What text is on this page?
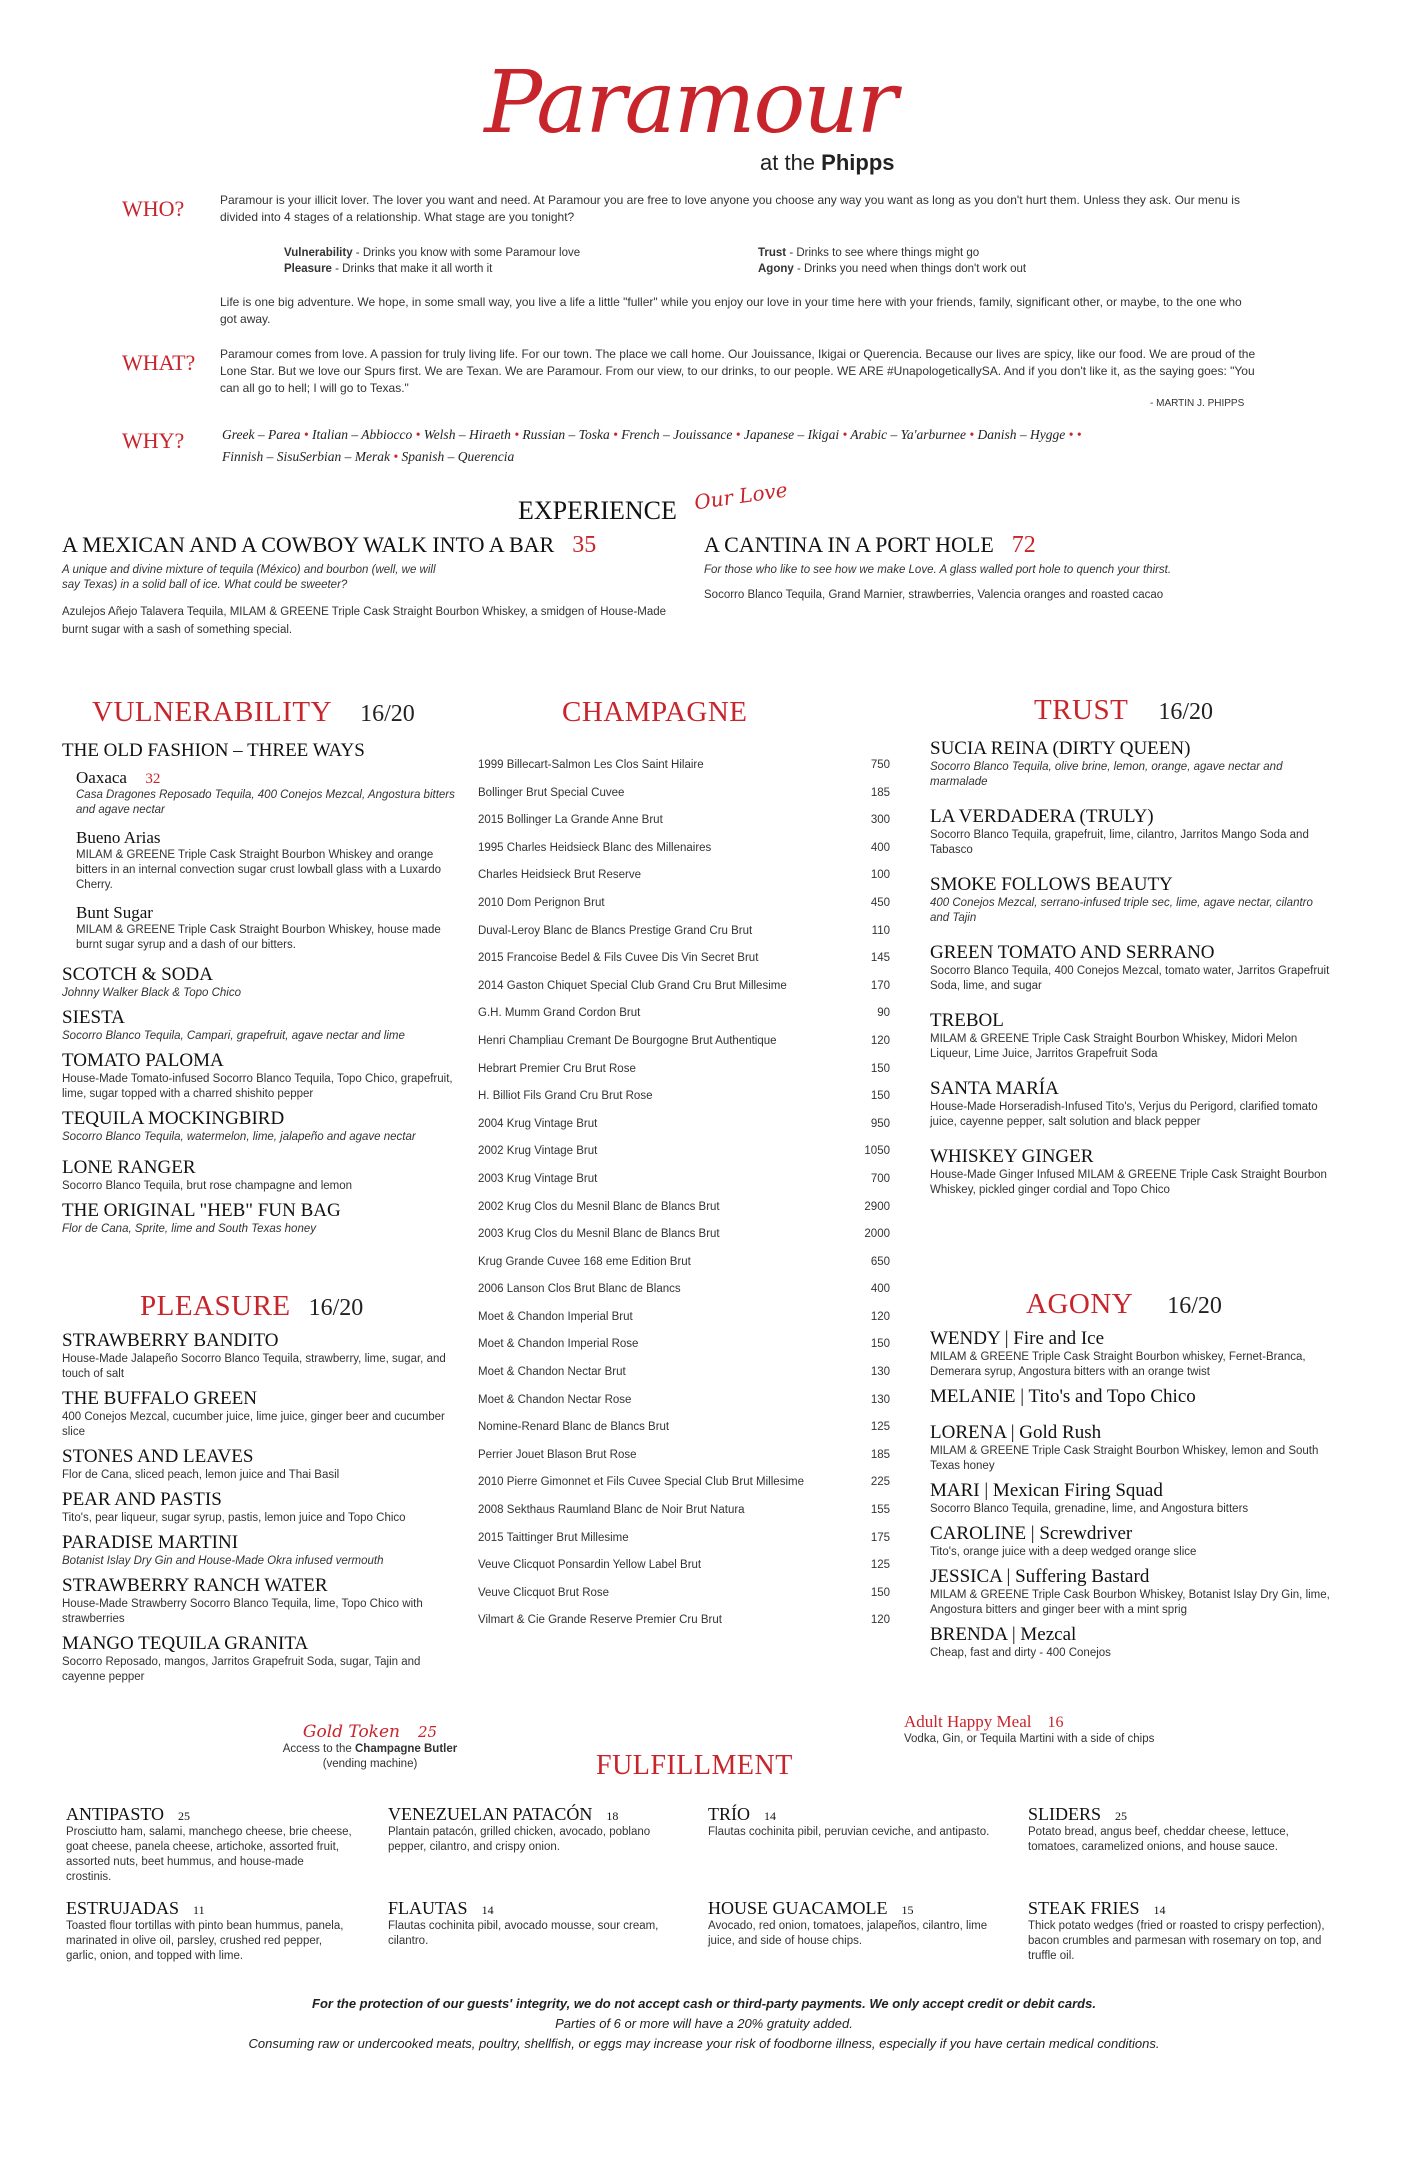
Paramour
at the Phipps
WHO?	Paramour is your illicit lover. The lover you want and need. At Paramour you are free to love anyone you choose any way you want as long as you don't hurt them. Unless they ask. Our menu is divided into 4 stages of a relationship. What stage are you tonight?
Vulnerability - Drinks you know with some Paramour love
Pleasure - Drinks that make it all worth it
Trust - Drinks to see where things might go
Agony - Drinks you need when things don't work out
Life is one big adventure. We hope, in some small way, you live a life a little "fuller" while you enjoy our love in your time here with your friends, family, significant other, or maybe, to the one who got away.
WHAT? Paramour comes from love. A passion for truly living life. For our town. The place we call home. Our Jouissance, Ikigai or Querencia. Because our lives are spicy, like our food. We are proud of the Lone Star. But we love our Spurs first. We are Texan. We are Paramour. From our view, to our drinks, to our people. WE ARE #UnapologeticallySA. And if you don't like it, as the saying goes: "You can all go to hell; I will go to Texas."
- MARTIN J. PHIPPS
WHY?	Greek – Parea • Italian – Abbiocco • Welsh – Hiraeth • Russian – Toska • French – Jouissance • Japanese – Ikigai • Arabic – Ya'arburnee • Danish – Hygge • •
Finnish – SisuSerbian – Merak • Spanish – Querencia
EXPERIENCE Our Love
A MEXICAN AND A COWBOY WALK INTO A BAR 35
A unique and divine mixture of tequila (México) and bourbon (well, we will say Texas) in a solid ball of ice. What could be sweeter?
Azulejos Añejo Talavera Tequila, MILAM & GREENE Triple Cask Straight Bourbon Whiskey, a smidgen of House-Made burnt sugar with a sash of something special.
A CANTINA IN A PORT HOLE 72
For those who like to see how we make Love. A glass walled port hole to quench your thirst.
Socorro Blanco Tequila, Grand Marnier, strawberries, Valencia oranges and roasted cacao
VULNERABILITY 16/20
THE OLD FASHION – THREE WAYS
Oaxaca 32
Casa Dragones Reposado Tequila, 400 Conejos Mezcal, Angostura bitters and agave nectar
Bueno Arias
MILAM & GREENE Triple Cask Straight Bourbon Whiskey and orange bitters in an internal convection sugar crust lowball glass with a Luxardo Cherry.
Bunt Sugar
MILAM & GREENE Triple Cask Straight Bourbon Whiskey, house made burnt sugar syrup and a dash of our bitters.
SCOTCH & SODA
Johnny Walker Black & Topo Chico
SIESTA
Socorro Blanco Tequila, Campari, grapefruit, agave nectar and lime
TOMATO PALOMA
House-Made Tomato-infused Socorro Blanco Tequila, Topo Chico, grapefruit, lime, sugar topped with a charred shishito pepper
TEQUILA MOCKINGBIRD
Socorro Blanco Tequila, watermelon, lime, jalapeño and agave nectar
LONE RANGER
Socorro Blanco Tequila, brut rose champagne and lemon
THE ORIGINAL "HEB" FUN BAG
Flor de Cana, Sprite, lime and South Texas honey
PLEASURE 16/20
STRAWBERRY BANDITO
House-Made Jalapeño Socorro Blanco Tequila, strawberry, lime, sugar, and touch of salt
THE BUFFALO GREEN
400 Conejos Mezcal, cucumber juice, lime juice, ginger beer and cucumber slice
STONES AND LEAVES
Flor de Cana, sliced peach, lemon juice and Thai Basil
PEAR AND PASTIS
Tito's, pear liqueur, sugar syrup, pastis, lemon juice and Topo Chico
PARADISE MARTINI
Botanist Islay Dry Gin and House-Made Okra infused vermouth
STRAWBERRY RANCH WATER
House-Made Strawberry Socorro Blanco Tequila, lime, Topo Chico with strawberries
MANGO TEQUILA GRANITA
Socorro Reposado, mangos, Jarritos Grapefruit Soda, sugar, Tajin and cayenne pepper
CHAMPAGNE
1999 Billecart-Salmon Les Clos Saint Hilaire	750
Bollinger Brut Special Cuvee	185
2015 Bollinger La Grande Anne Brut	300
1995 Charles Heidsieck Blanc des Millenaires	400
Charles Heidsieck Brut Reserve	100
2010 Dom Perignon Brut	450
Duval-Leroy Blanc de Blancs Prestige Grand Cru Brut	110
2015 Francoise Bedel & Fils Cuvee Dis Vin Secret Brut	145
2014 Gaston Chiquet Special Club Grand Cru Brut Millesime	170
G.H. Mumm Grand Cordon Brut	90
Henri Champliau Cremant De Bourgogne Brut Authentique	120
Hebrart Premier Cru Brut Rose	150
H. Billiot Fils Grand Cru Brut Rose	150
2004 Krug Vintage Brut	950
2002 Krug Vintage Brut	1050
2003 Krug Vintage Brut	700
2002 Krug Clos du Mesnil Blanc de Blancs Brut	2900
2003 Krug Clos du Mesnil Blanc de Blancs Brut	2000
Krug Grande Cuvee 168 eme Edition Brut	650
2006 Lanson Clos Brut Blanc de Blancs	400
Moet & Chandon Imperial Brut	120
Moet & Chandon Imperial Rose	150
Moet & Chandon Nectar Brut	130
Moet & Chandon Nectar Rose	130
Nomine-Renard Blanc de Blancs Brut	125
Perrier Jouet Blason Brut Rose	185
2010 Pierre Gimonnet et Fils Cuvee Special Club Brut Millesime	225
2008 Sekthaus Raumland Blanc de Noir Brut Natura	155
2015 Taittinger Brut Millesime	175
Veuve Clicquot Ponsardin Yellow Label Brut	125
Veuve Clicquot Brut Rose	150
Vilmart & Cie Grande Reserve Premier Cru Brut	120
TRUST 16/20
SUCIA REINA (DIRTY QUEEN)
Socorro Blanco Tequila, olive brine, lemon, orange, agave nectar and marmalade
LA VERDADERA (TRULY)
Socorro Blanco Tequila, grapefruit, lime, cilantro, Jarritos Mango Soda and Tabasco
SMOKE FOLLOWS BEAUTY
400 Conejos Mezcal, serrano-infused triple sec, lime, agave nectar, cilantro and Tajin
GREEN TOMATO AND SERRANO
Socorro Blanco Tequila, 400 Conejos Mezcal, tomato water, Jarritos Grapefruit Soda, lime, and sugar
TREBOL
MILAM & GREENE Triple Cask Straight Bourbon Whiskey, Midori Melon Liqueur, Lime Juice, Jarritos Grapefruit Soda
SANTA MARÍA
House-Made Horseradish-Infused Tito's, Verjus du Perigord, clarified tomato juice, cayenne pepper, salt solution and black pepper
WHISKEY GINGER
House-Made Ginger Infused MILAM & GREENE Triple Cask Straight Bourbon Whiskey, pickled ginger cordial and Topo Chico
AGONY 16/20
WENDY | Fire and Ice
MILAM & GREENE Triple Cask Straight Bourbon whiskey, Fernet-Branca, Demerara syrup, Angostura bitters with an orange twist
MELANIE | Tito's and Topo Chico
LORENA | Gold Rush
MILAM & GREENE Triple Cask Straight Bourbon Whiskey, lemon and South Texas honey
MARI | Mexican Firing Squad
Socorro Blanco Tequila, grenadine, lime, and Angostura bitters
CAROLINE | Screwdriver
Tito's, orange juice with a deep wedged orange slice
JESSICA | Suffering Bastard
MILAM & GREENE Triple Cask Bourbon Whiskey, Botanist Islay Dry Gin, lime, Angostura bitters and ginger beer with a mint sprig
BRENDA | Mezcal
Cheap, fast and dirty - 400 Conejos
Gold Token 25
Access to the Champagne Butler
(vending machine)
Adult Happy Meal 16
Vodka, Gin, or Tequila Martini with a side of chips
FULFILLMENT
ANTIPASTO 25
Prosciutto ham, salami, manchego cheese, brie cheese, goat cheese, panela cheese, artichoke, assorted fruit, assorted nuts, beet hummus, and house-made crostinis.
VENEZUELAN PATACÓN 18
Plantain patacón, grilled chicken, avocado, poblano pepper, cilantro, and crispy onion.
TRÍO 14
Flautas cochinita pibil, peruvian ceviche, and antipasto.
SLIDERS 25
Potato bread, angus beef, cheddar cheese, lettuce, tomatoes, caramelized onions, and house sauce.
ESTRUJADAS 11
Toasted flour tortillas with pinto bean hummus, panela, marinated in olive oil, parsley, crushed red pepper, garlic, onion, and topped with lime.
FLAUTAS 14
Flautas cochinita pibil, avocado mousse, sour cream, cilantro.
HOUSE GUACAMOLE 15
Avocado, red onion, tomatoes, jalapeños, cilantro, lime juice, and side of house chips.
STEAK FRIES 14
Thick potato wedges (fried or roasted to crispy perfection), bacon crumbles and parmesan with rosemary on top, and truffle oil.
For the protection of our guests' integrity, we do not accept cash or third-party payments. We only accept credit or debit cards.
Parties of 6 or more will have a 20% gratuity added.
Consuming raw or undercooked meats, poultry, shellfish, or eggs may increase your risk of foodborne illness, especially if you have certain medical conditions.
